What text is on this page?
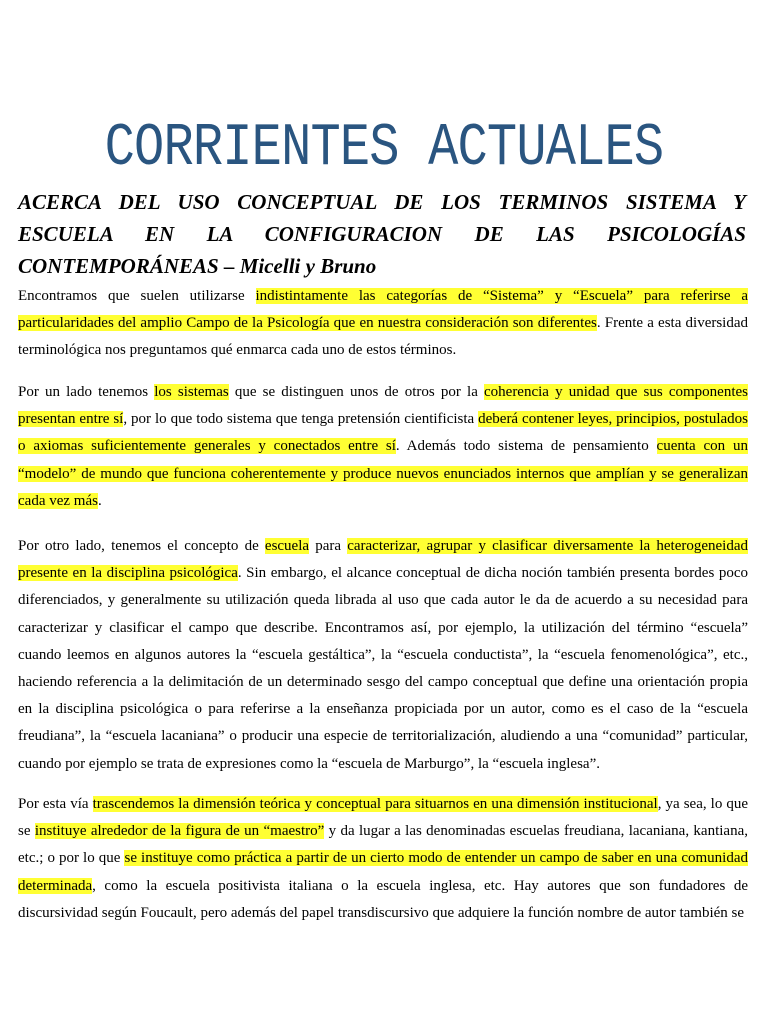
CORRIENTES ACTUALES
ACERCA DEL USO CONCEPTUAL DE LOS TERMINOS SISTEMA Y ESCUELA EN LA CONFIGURACION DE LAS PSICOLOGÍAS CONTEMPORÁNEAS – Micelli y Bruno

Encontramos que suelen utilizarse indistintamente las categorías de “Sistema” y “Escuela” para referirse a particularidades del amplio Campo de la Psicología que en nuestra consideración son diferentes. Frente a esta diversidad terminológica nos preguntamos qué enmarca cada uno de estos términos.

Por un lado tenemos los sistemas que se distinguen unos de otros por la coherencia y unidad que sus componentes presentan entre sí, por lo que todo sistema que tenga pretensión cientificista deberá contener leyes, principios, postulados o axiomas suficientemente generales y conectados entre sí. Además todo sistema de pensamiento cuenta con un “modelo” de mundo que funciona coherentemente y produce nuevos enunciados internos que amplían y se generalizan cada vez más.

Por otro lado, tenemos el concepto de escuela para caracterizar, agrupar y clasificar diversamente la heterogeneidad presente en la disciplina psicológica. Sin embargo, el alcance conceptual de dicha noción también presenta bordes poco diferenciados, y generalmente su utilización queda librada al uso que cada autor le da de acuerdo a su necesidad para caracterizar y clasificar el campo que describe. Encontramos así, por ejemplo, la utilización del término “escuela” cuando leemos en algunos autores la “escuela gestáltica”, la “escuela conductista”, la “escuela fenomenológica”, etc., haciendo referencia a la delimitación de un determinado sesgo del campo conceptual que define una orientación propia en la disciplina psicológica o para referirse a la enseñanza propiciada por un autor, como es el caso de la “escuela freudiana”, la “escuela lacaniana” o producir una especie de territorialización, aludiendo a una “comunidad” particular, cuando por ejemplo se trata de expresiones como la “escuela de Marburgo”, la “escuela inglesa”.

Por esta vía trascendemos la dimensión teórica y conceptual para situarnos en una dimensión institucional, ya sea, lo que se instituye alrededor de la figura de un “maestro” y da lugar a las denominadas escuelas freudiana, lacaniana, kantiana, etc.; o por lo que se instituye como práctica a partir de un cierto modo de entender un campo de saber en una comunidad determinada, como la escuela positivista italiana o la escuela inglesa, etc. Hay autores que son fundadores de discursividad según Foucault, pero además del papel transdiscursivo que adquiere la función nombre de autor también se
